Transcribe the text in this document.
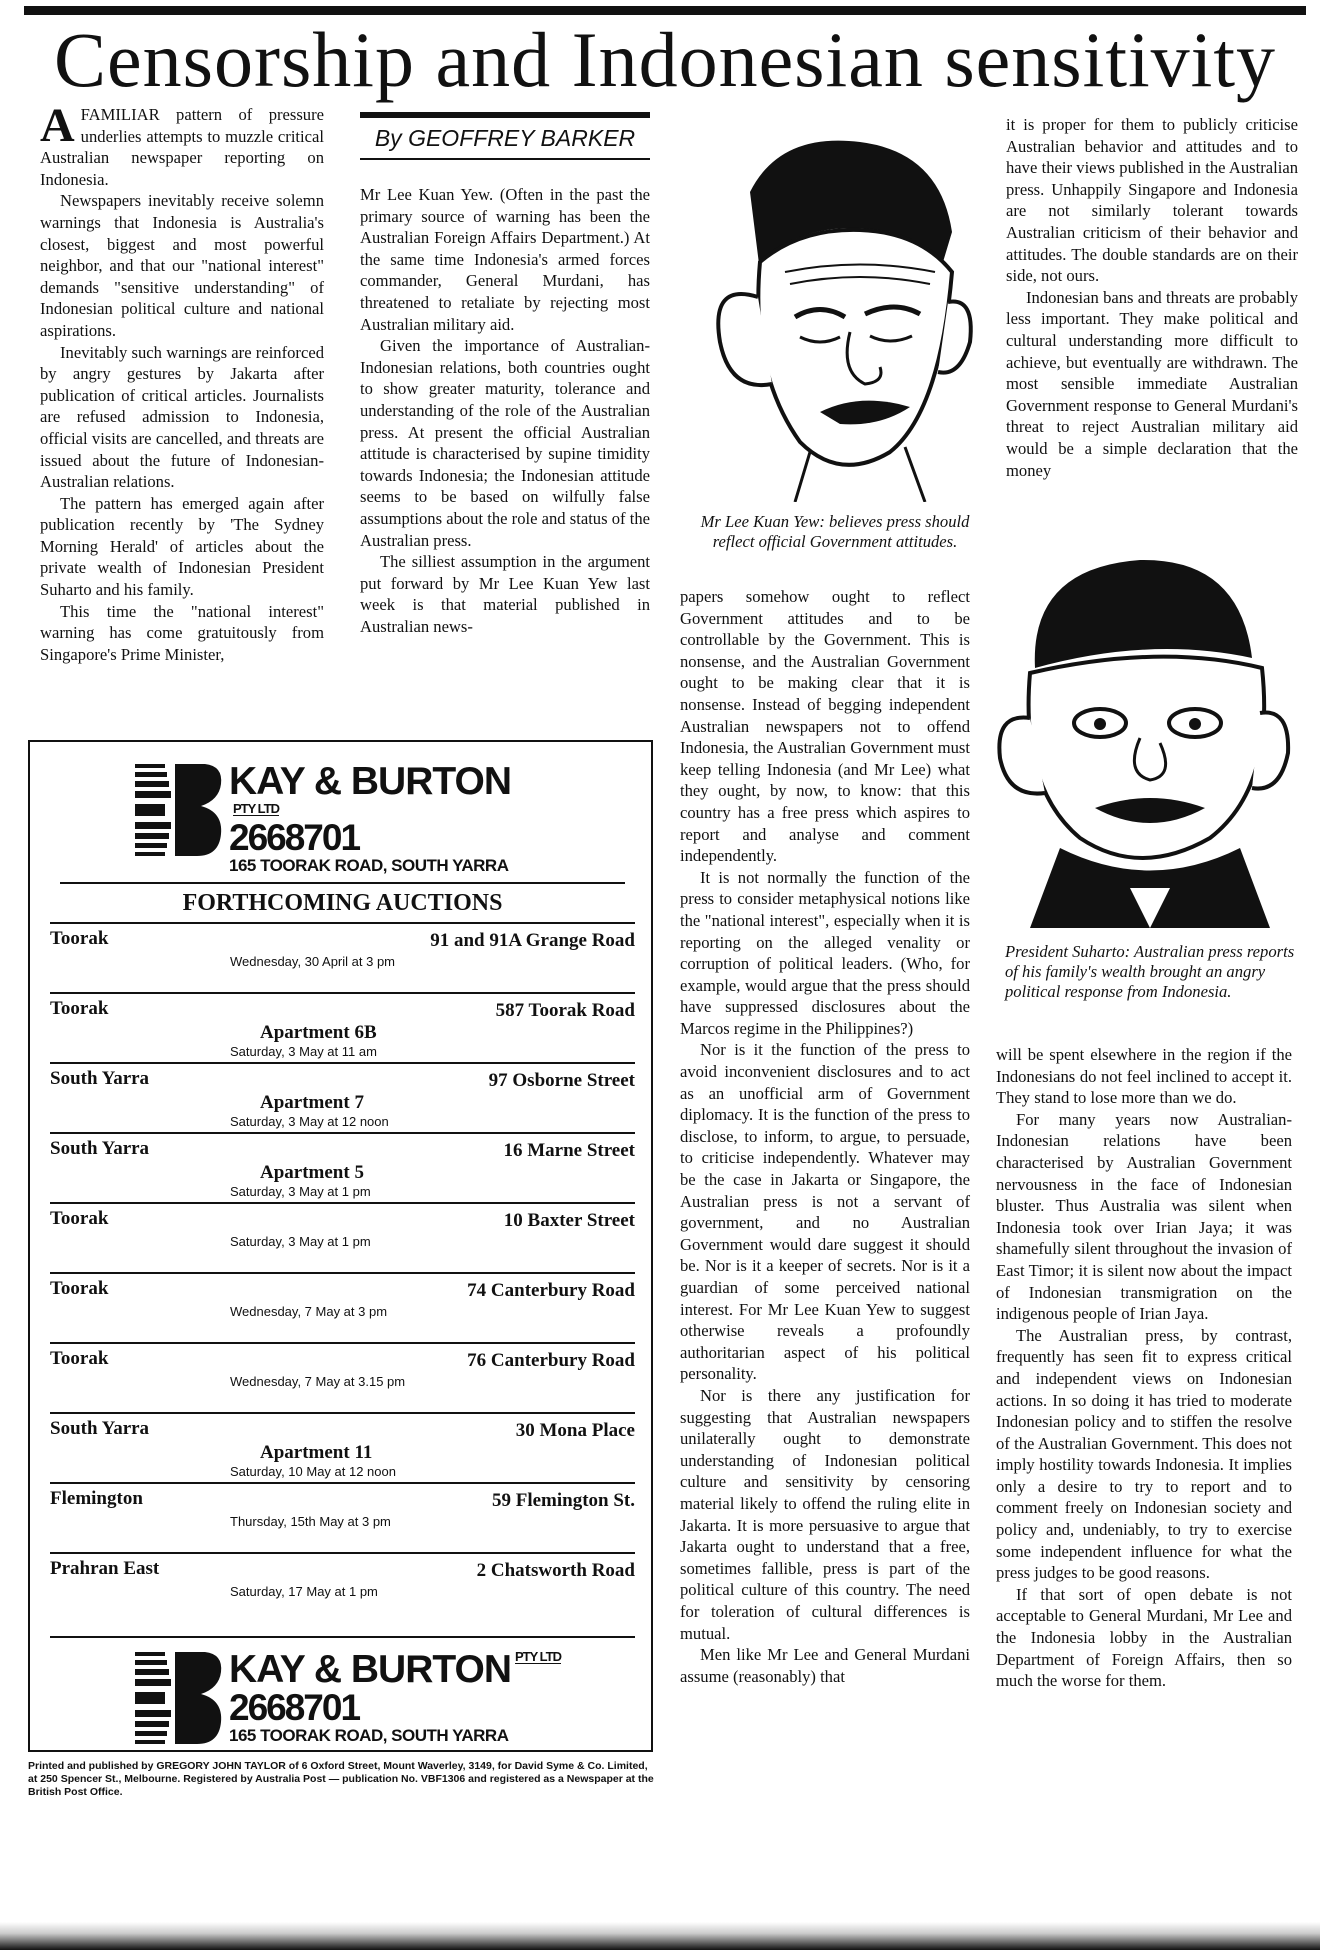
Censorship and Indonesian sensitivity

A FAMILIAR pattern of pressure underlies attempts to muzzle critical Australian newspaper reporting on Indonesia.

Newspapers inevitably receive solemn warnings that Indonesia is Australia's closest, biggest and most powerful neighbor, and that our "national interest" demands "sensitive understanding" of Indonesian political culture and national aspirations.

Inevitably such warnings are reinforced by angry gestures by Jakarta after publication of critical articles. Journalists are refused admission to Indonesia, official visits are cancelled, and threats are issued about the future of Indonesian-Australian relations.

The pattern has emerged again after publication recently by 'The Sydney Morning Herald' of articles about the private wealth of Indonesian President Suharto and his family.

This time the "national interest" warning has come gratuitously from Singapore's Prime Minister,

By GEOFFREY BARKER

Mr Lee Kuan Yew. (Often in the past the primary source of warning has been the Australian Foreign Affairs Department.) At the same time Indonesia's armed forces commander, General Murdani, has threatened to retaliate by rejecting most Australian military aid.

Given the importance of Australian-Indonesian relations, both countries ought to show greater maturity, tolerance and understanding of the role of the Australian press. At present the official Australian attitude is characterised by supine timidity towards Indonesia; the Indonesian attitude seems to be based on wilfully false assumptions about the role and status of the Australian press.

The silliest assumption in the argument put forward by Mr Lee Kuan Yew last week is that material published in Australian news-

Mr Lee Kuan Yew: believes press should reflect official Government attitudes.

papers somehow ought to reflect Government attitudes and to be controllable by the Government. This is nonsense, and the Australian Government ought to be making clear that it is nonsense. Instead of begging independent Australian newspapers not to offend Indonesia, the Australian Government must keep telling Indonesia (and Mr Lee) what they ought, by now, to know: that this country has a free press which aspires to report and analyse and comment independently.

It is not normally the function of the press to consider metaphysical notions like the "national interest", especially when it is reporting on the alleged venality or corruption of political leaders. (Who, for example, would argue that the press should have suppressed disclosures about the Marcos regime in the Philippines?)

Nor is it the function of the press to avoid inconvenient disclosures and to act as an unofficial arm of Government diplomacy. It is the function of the press to disclose, to inform, to argue, to persuade, to criticise independently. Whatever may be the case in Jakarta or Singapore, the Australian press is not a servant of government, and no Australian Government would dare suggest it should be. Nor is it a keeper of secrets. Nor is it a guardian of some perceived national interest. For Mr Lee Kuan Yew to suggest otherwise reveals a profoundly authoritarian aspect of his political personality.

Nor is there any justification for suggesting that Australian newspapers unilaterally ought to demonstrate understanding of Indonesian political culture and sensitivity by censoring material likely to offend the ruling elite in Jakarta. It is more persuasive to argue that Jakarta ought to understand that a free, sometimes fallible, press is part of the political culture of this country. The need for toleration of cultural differences is mutual.

Men like Mr Lee and General Murdani assume (reasonably) that

it is proper for them to publicly criticise Australian behavior and attitudes and to have their views published in the Australian press. Unhappily Singapore and Indonesia are not similarly tolerant towards Australian criticism of their behavior and attitudes. The double standards are on their side, not ours.

Indonesian bans and threats are probably less important. They make political and cultural understanding more difficult to achieve, but eventually are withdrawn. The most sensible immediate Australian Government response to General Murdani's threat to reject Australian military aid would be a simple declaration that the money

President Suharto: Australian press reports of his family's wealth brought an angry political response from Indonesia.

will be spent elsewhere in the region if the Indonesians do not feel inclined to accept it. They stand to lose more than we do.

For many years now Australian-Indonesian relations have been characterised by Australian Government nervousness in the face of Indonesian bluster. Thus Australia was silent when Indonesia took over Irian Jaya; it was shamefully silent throughout the invasion of East Timor; it is silent now about the impact of Indonesian transmigration on the indigenous people of Irian Jaya.

The Australian press, by contrast, frequently has seen fit to express critical and independent views on Indonesian actions. In so doing it has tried to moderate Indonesian policy and to stiffen the resolve of the Australian Government. This does not imply hostility towards Indonesia. It implies only a desire to try to report and to comment freely on Indonesian society and policy and, undeniably, to try to exercise some independent influence for what the press judges to be good reasons.

If that sort of open debate is not acceptable to General Murdani, Mr Lee and the Indonesia lobby in the Australian Department of Foreign Affairs, then so much the worse for them.

KAY & BURTONPTY LTD
2668701
165 TOORAK ROAD, SOUTH YARRA
FORTHCOMING AUCTIONS
Toorak	91 and 91A Grange Road
Wednesday, 30 April at 3 pm
Toorak	587 Toorak Road
Apartment 6B
Saturday, 3 May at 11 am
South Yarra	97 Osborne Street
Apartment 7
Saturday, 3 May at 12 noon
South Yarra	16 Marne Street
Apartment 5
Saturday, 3 May at 1 pm
Toorak	10 Baxter Street
Saturday, 3 May at 1 pm
Toorak	74 Canterbury Road
Wednesday, 7 May at 3 pm
Toorak	76 Canterbury Road
Wednesday, 7 May at 3.15 pm
South Yarra	30 Mona Place
Apartment 11
Saturday, 10 May at 12 noon
Flemington	59 Flemington St.
Thursday, 15th May at 3 pm
Prahran East	2 Chatsworth Road
Saturday, 17 May at 1 pm
KAY & BURTON PTY LTD
2668701
165 TOORAK ROAD, SOUTH YARRA
Printed and published by GREGORY JOHN TAYLOR of 6 Oxford Street, Mount Waverley, 3149, for David Syme & Co. Limited, at 250 Spencer St., Melbourne. Registered by Australia Post — publication No. VBF1306 and registered as a Newspaper at the British Post Office.
